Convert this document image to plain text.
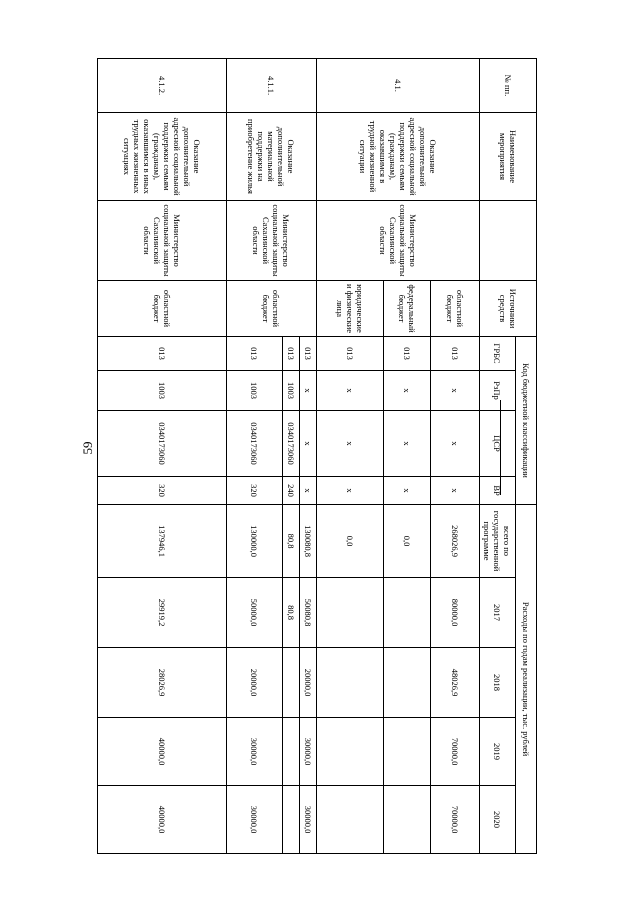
59
№ пп.	Наименование мероприятия		Источники средств	Код бюджетной классификации				Расходы по годам реализации, тыс. рублей				
				ГРБС	РзПр	ЦСР	ВР	всего по государственной программе	2017	2018	2019	2020
4.1.	Оказание дополнительной адресной социальной поддержки семьям (гражданам), оказавшимся в трудной жизненной ситуации	Министерство социальной защиты Сахалинской области	областной бюджет	013	x	x	x	268026,9	80000,0	48026,9	70000,0	70000,0
			федеральный бюджет	013	x	x	x	0,0				
			юридические и физические лица	013	x	x	x	0,0				
4.1.1.	Оказание дополнительной материальной поддержки на приобретение жилья	Министерство социальной защиты Сахалинской области	областной бюджет	013	x	x	x	130080,8	50080,8	20000,0	30000,0	30000,0
				013	1003	0340173060	240	80,8	80,8			
				013	1003	0340173060	320	130000,0	50000,0	20000,0	30000,0	30000,0
4.1.2.	Оказание дополнительной адресной социальной поддержки семьям (гражданам), оказавшимся в иных трудных жизненных ситуациях	Министерство социальной защиты Сахалинской области	областной бюджет	013	1003	0340173060	320	137946,1	29919,2	28026,9	40000,0	40000,0
